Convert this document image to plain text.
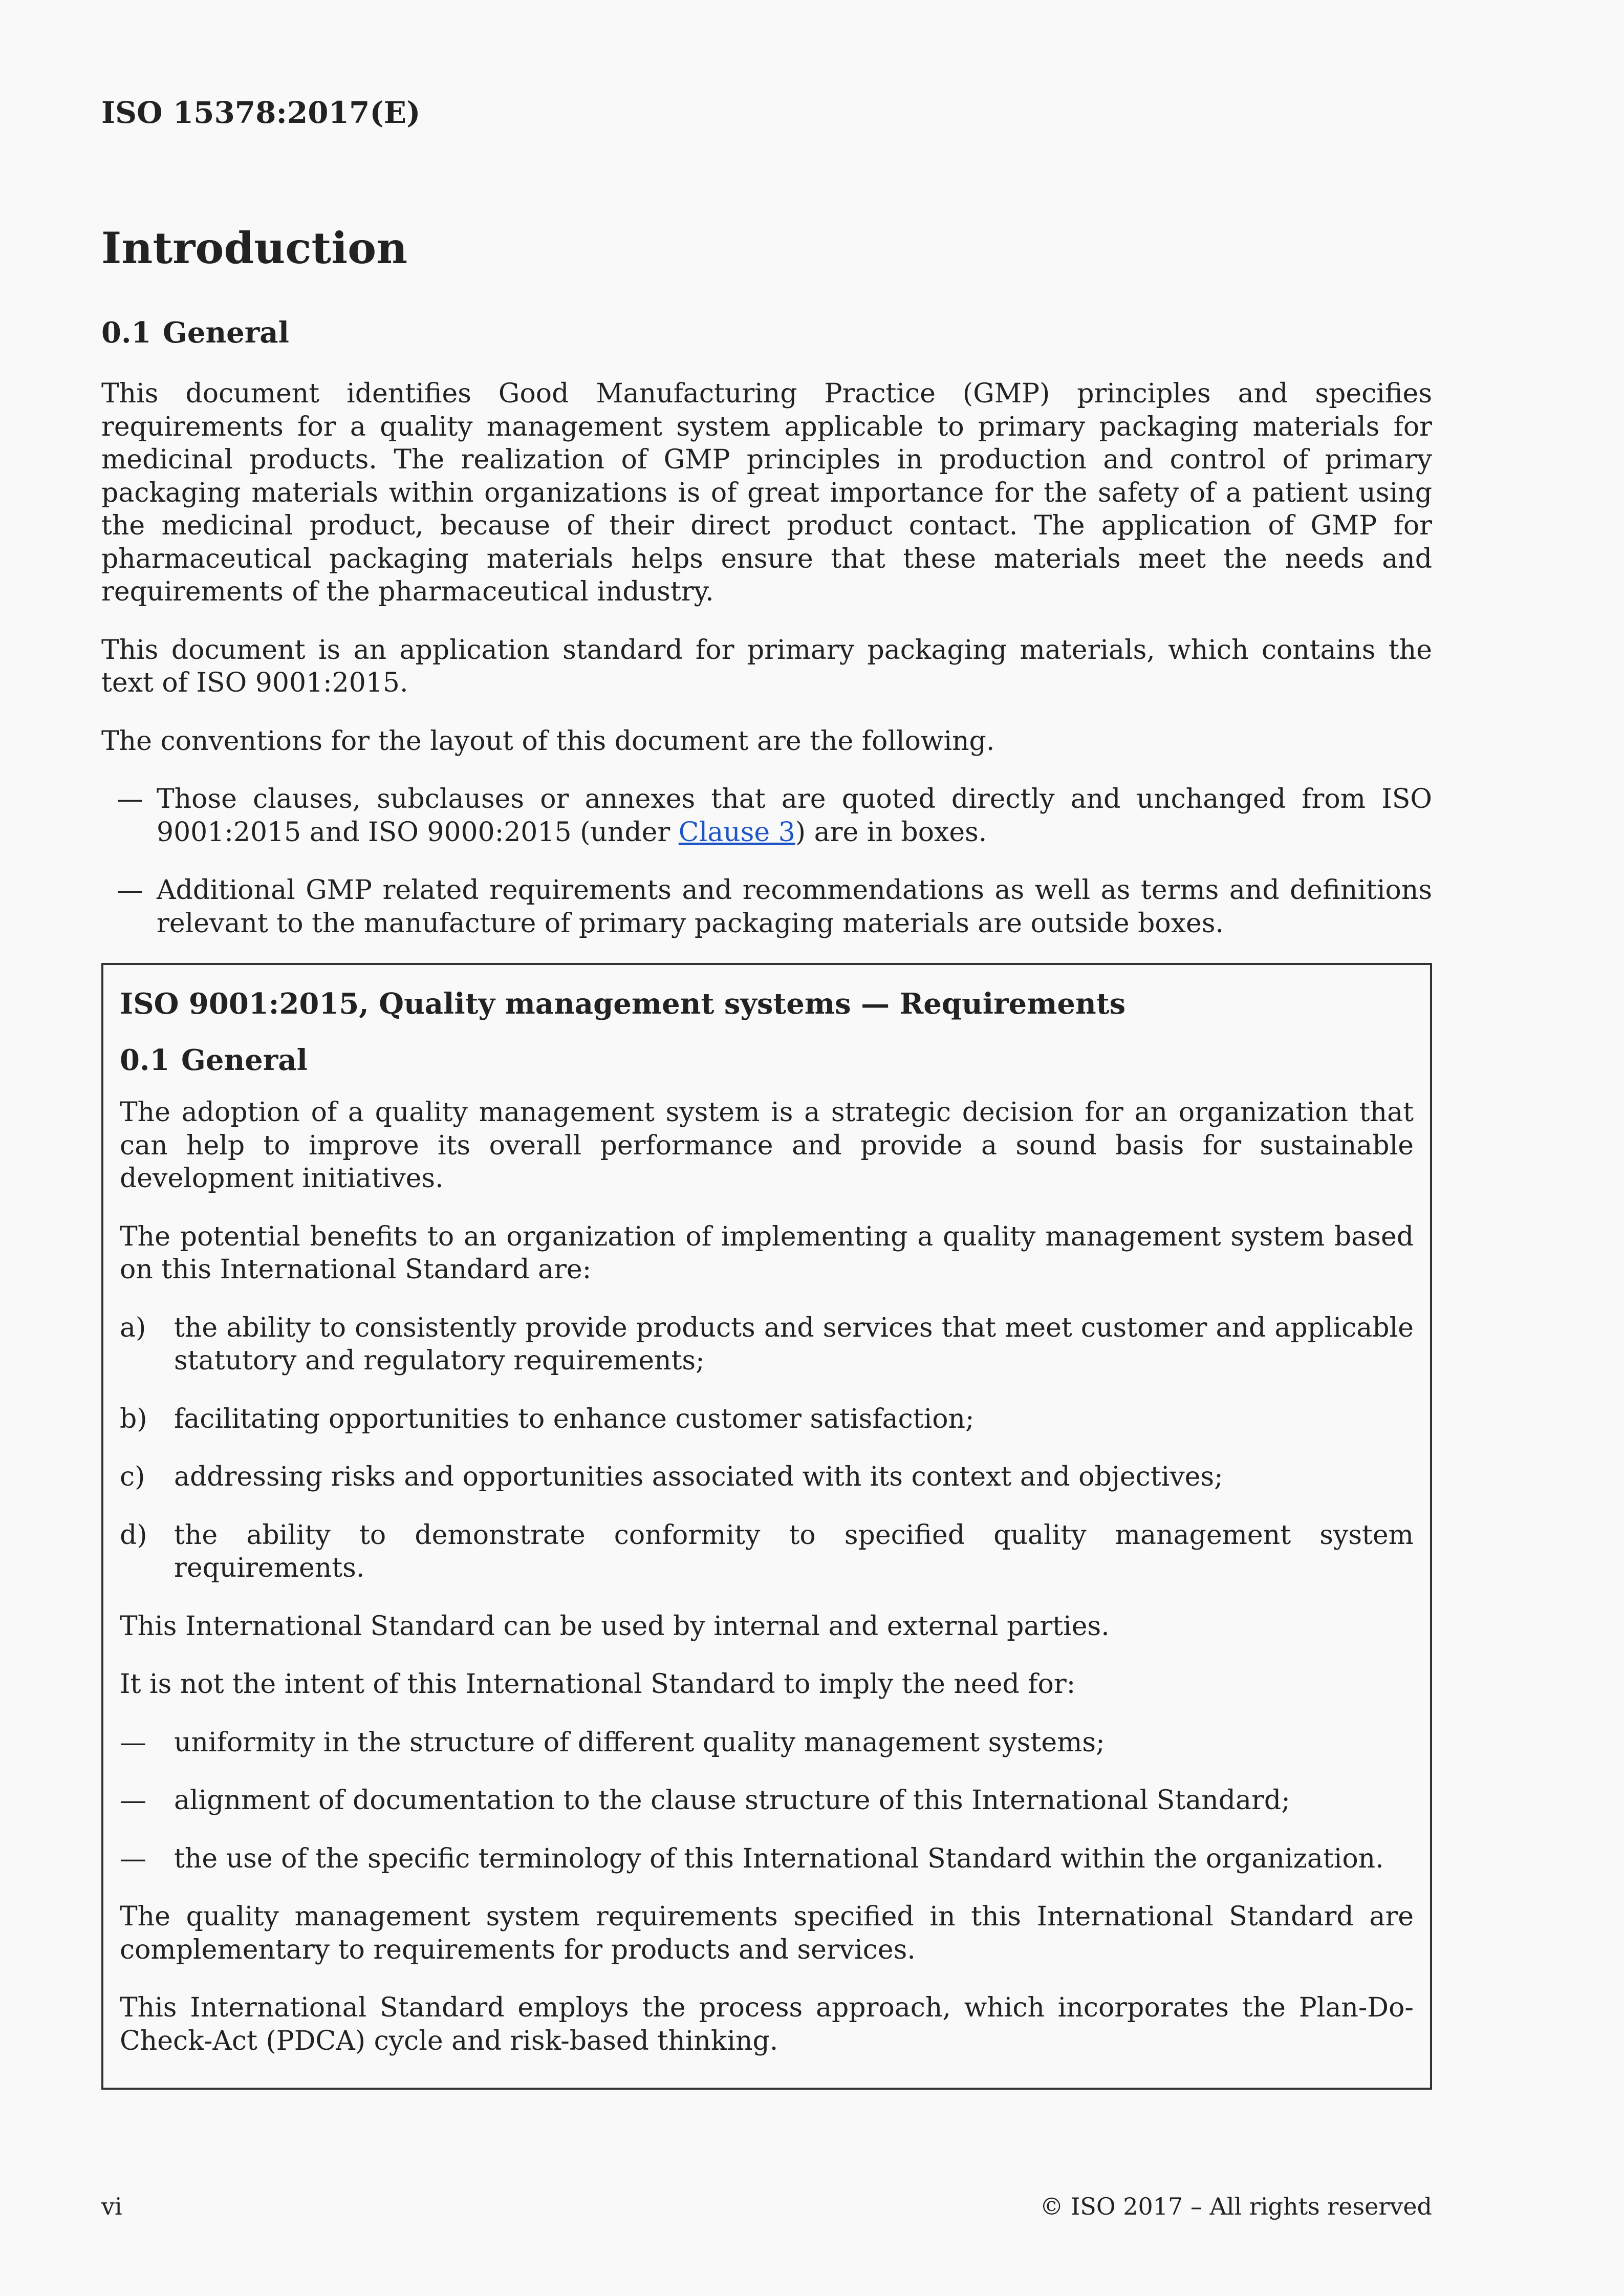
ISO 15378:2017(E)
Introduction
0.1 General

This document identifies Good Manufacturing Practice (GMP) principles and specifies requirements for a quality management system applicable to primary packaging materials for medicinal products. The realization of GMP principles in production and control of primary packaging materials within organizations is of great importance for the safety of a patient using the medicinal product, because of their direct product contact. The application of GMP for pharmaceutical packaging materials helps ensure that these materials meet the needs and requirements of the pharmaceutical industry.

This document is an application standard for primary packaging materials, which contains the text of ISO 9001:2015.

The conventions for the layout of this document are the following.

— Those clauses, subclauses or annexes that are quoted directly and unchanged from ISO 9001:2015 and ISO 9000:2015 (under Clause 3) are in boxes.
— Additional GMP related requirements and recommendations as well as terms and definitions relevant to the manufacture of primary packaging materials are outside boxes.
ISO 9001:2015, Quality management systems — Requirements
0.1 General

The adoption of a quality management system is a strategic decision for an organization that can help to improve its overall performance and provide a sound basis for sustainable development initiatives.

The potential benefits to an organization of implementing a quality management system based on this International Standard are:

a) the ability to consistently provide products and services that meet customer and applicable statutory and regulatory requirements;
b) facilitating opportunities to enhance customer satisfaction;
c) addressing risks and opportunities associated with its context and objectives;
d) the ability to demonstrate conformity to specified quality management system requirements.

This International Standard can be used by internal and external parties.

It is not the intent of this International Standard to imply the need for:

— uniformity in the structure of different quality management systems;
— alignment of documentation to the clause structure of this International Standard;
— the use of the specific terminology of this International Standard within the organization.

The quality management system requirements specified in this International Standard are complementary to requirements for products and services.

This International Standard employs the process approach, which incorporates the Plan-Do-Check-Act (PDCA) cycle and risk-based thinking.

vi	© ISO 2017 – All rights reserved
